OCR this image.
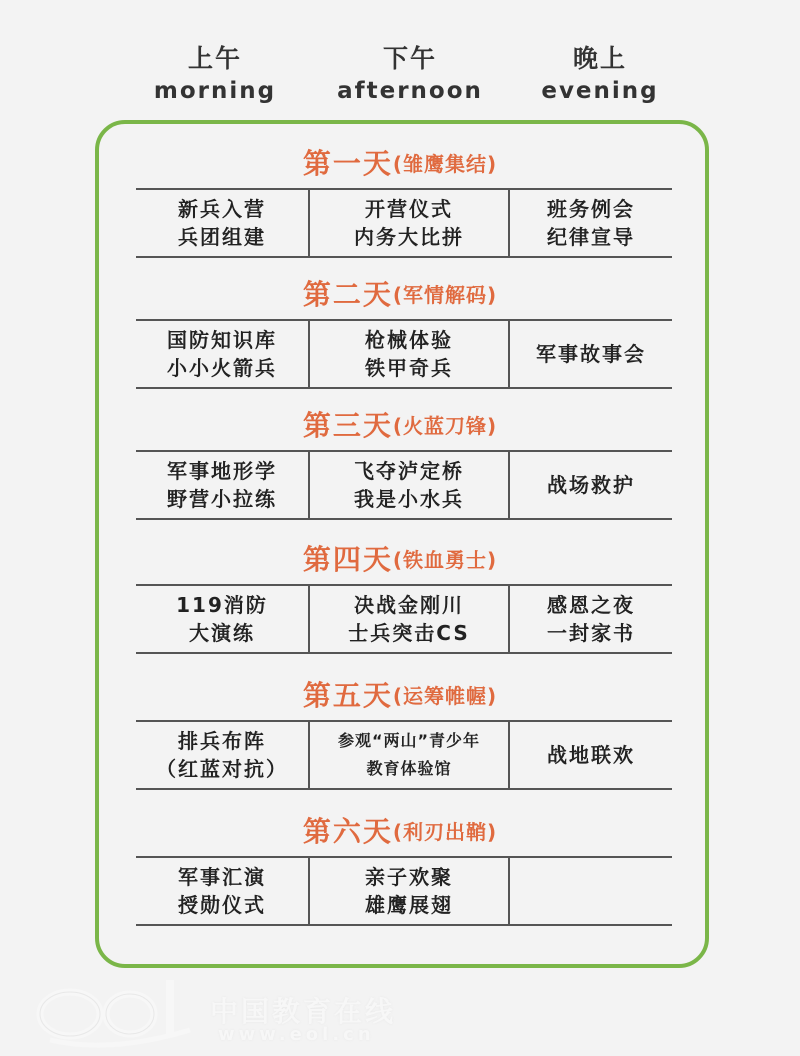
上午
morning
下午
afternoon
晚上
evening
第一天(雏鹰集结)
新兵入营
兵团组建
开营仪式
内务大比拼
班务例会
纪律宣导
第二天(军情解码)
国防知识库
小小火箭兵
枪械体验
铁甲奇兵
军事故事会
第三天(火蓝刀锋)
军事地形学
野营小拉练
飞夺泸定桥
我是小水兵
战场救护
第四天(铁血勇士)
119消防
大演练
决战金刚川
士兵突击CS
感恩之夜
一封家书
第五天(运筹帷幄)
排兵布阵
（红蓝对抗）
参观“两山”青少年
教育体验馆
战地联欢
第六天(利刃出鞘)
军事汇演
授勋仪式
亲子欢聚
雄鹰展翅
中国教育在线
www.eol.cn
